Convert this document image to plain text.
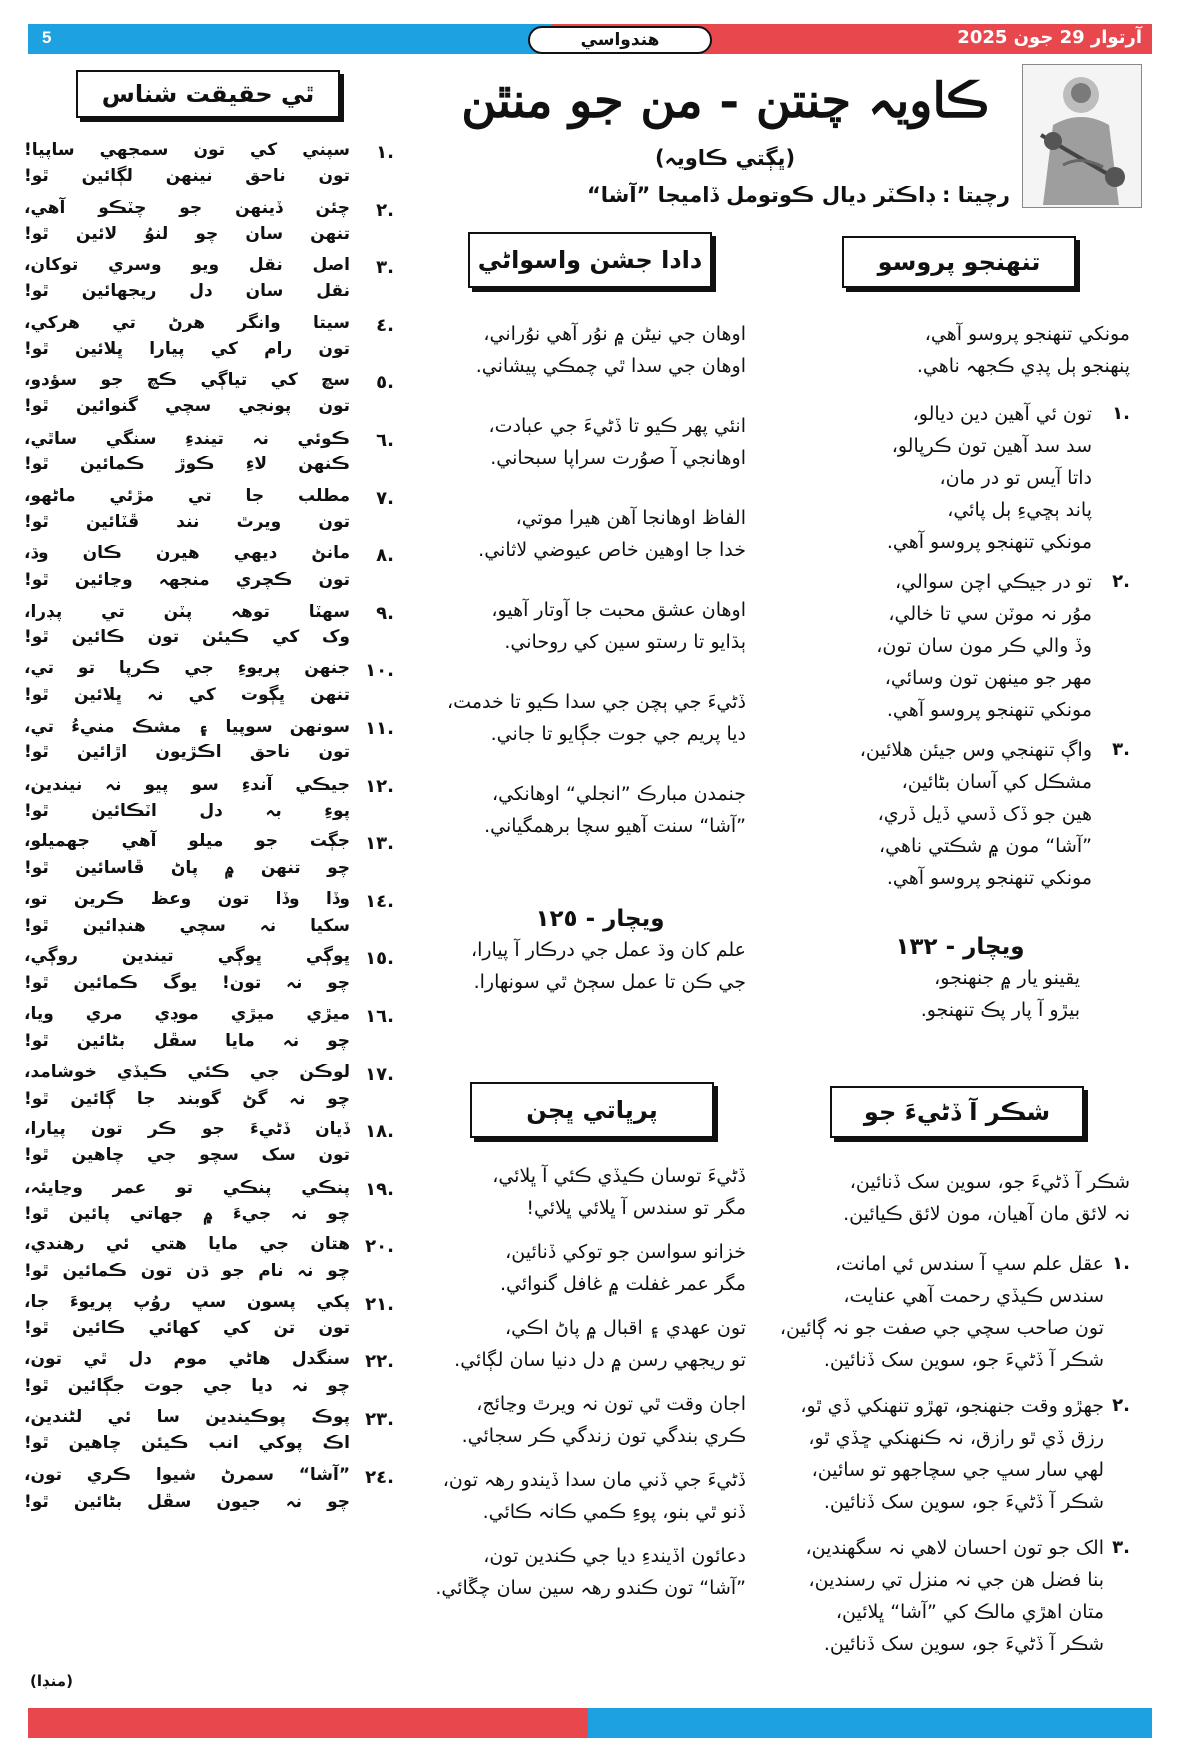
5	هندواسي	آرتوار 29 جون 2025
ڪاويہ چنتن - من جو منٿن
(ڀڳتي ڪاويہ)
رچيتا : ڊاڪٽر ديال ڪوتومل ڏاميجا ”آشا“
ٿي حقيقت شناس
١.
سپني کي تون سمجهي ساپيا!
تون ناحق نينهن لڳائين ٿو!
٢.
چئن ڏينهن جو چٽڪو آهي،
تنهن سان چو لنوُ لائين ٿو!
٣.
اصل نقل ويو وسري توکان،
نقل سان دل ريجهائين ٿو!
٤.
سيتا وانگر هرڻ تي هرکي،
تون رام کي پيارا ڀلائين ٿو!
٥.
سچ کي تياڳي ڪچ جو سؤدو،
تون پونجي سچي گنوائين ٿو!
٦.
ڪوئي نہ تيندءِ سنگي ساٿي،
ڪنهن لاءِ ڪوڙ ڪمائين ٿو!
٧.
مطلب جا تي مڙئي ماڻهو،
تون ويرٿ نند ڦٽائين ٿو!
٨.
مانڻ ديهي هيرن ڪان وڌ،
تون ڪچري منجهہ وڃائين ٿو!
٩.
سهٽا توهہ پٽن تي پڊرا،
وک کي ڪيئن تون ڪائين ٿو!
١٠.
جنهن پريوءِ جي ڪرپا تو تي،
تنهن ڀڳوت کي نہ ڀلائين ٿو!
١١.
سونهن سوپيا ۽ مشڪ منيءُ تي،
تون ناحق اڪڙيون اڙائين ٿو!
١٢.
جيڪي آندءِ سو پيو نہ نيندين،
پوءِ بہ دل اٽڪائين ٿو!
١٣.
جڳت جو ميلو آهي جهميلو،
چو تنهن ۾ پاڻ ڦاسائين ٿو!
١٤.
وڏا وڏا تون وعظ ڪرين تو،
سکيا نہ سچي هنڊائين ٿو!
١٥.
ڀوڳي ڀوڳي تيندين روڳي،
چو نہ تون! يوگ ڪمائين ٿو!
١٦.
ميڙي ميڙي موڊي مري ويا،
چو نہ مايا سڦل بڻائين ٿو!
١٧.
لوڪن جي ڪئي ڪيڏي خوشامد،
چو نہ گڻ گوبند جا ڳائين ٿو!
١٨.
ڏيان ڏڻيءَ جو ڪر تون پيارا،
تون سک سچو جي چاهين ٿو!
١٩.
پنڪي پنڪي تو عمر وڃايئہ،
چو نہ جيءَ ۾ جهاتي پائين ٿو!
٢٠.
هتان جي مايا هتي ئي رهندي،
چو نہ نام جو ڌن تون ڪمائين ٿو!
٢١.
پکي پسون سڀ روُپ پريوءَ جا،
تون تن کي کهائي ڪائين ٿو!
٢٢.
سنگدل هاڻي موم دل ٿي تون،
چو نہ ديا جي جوت جڳائين ٿو!
٢٣.
پوڪ پوڪيندين سا ئي لڻندين،
اڪ پوکي انب ڪيئن چاهين ٿو!
٢٤.
”آشا“ سمرڻ شيوا ڪري تون،
چو نہ جيون سڦل بڻائين ٿو!
(منڊا)
تنهنجو پروسو
مونکي تنهنجو پروسو آهي،
پنهنجو ٻل پڊي ڪجهہ ناهي.
١.
تون ئي آهين دين ديالو،
سد سد آهين تون ڪرپالو،
داتا آيس تو در مان،
پاند ٻڇيءِ ٻل پائي،
مونکي تنهنجو پروسو آهي.
٢.
تو در جيڪي اچن سوالي،
موُر نہ موٽن سي تا خالي،
وڏ والي ڪر مون سان تون،
مهر جو مينهن تون وسائي،
مونکي تنهنجو پروسو آهي.
٣.
واڳ تنهنجي وس جيئن هلائين،
مشڪل کي آسان بڻائين،
هين جو ڏک ڏسي ڏيل ڏري،
”آشا“ مون ۾ شڪتي ناهي،
مونکي تنهنجو پروسو آهي.
ويچار - ١٣٢
يقينو يار ۾ جنهنجو،
بيڙو آ پار پڪ تنهنجو.
دادا جشن واسواڻي
اوهان جي نيڻن ۾ نوُر آهي نوُراني،
اوهان جي سدا ٿي چمڪي پيشاني.
انئي پهر ڪيو تا ڏڻيءَ جي عبادت،
اوهانجي آ صوُرت سراپا سبحاني.
الفاظ اوهانجا آهن هيرا موتي،
خدا جا اوهين خاص عيوضي لاثاني.
اوهان عشق محبت جا آوتار آهيو،
ٻڌايو تا رستو سين کي روحاني.
ڏڻيءَ جي ٻچن جي سدا ڪيو تا خدمت،
ديا پريم جي جوت جڳايو تا جاني.
جنمدن مبارڪ ”انجلي“ اوهانکي،
”آشا“ سنت آهيو سچا برهمگياني.
ويچار - ١٢٥
علم کان وڌ عمل جي درڪار آ پيارا،
جي ڪن تا عمل سڄڻ ٿي سونهارا.
شڪر آ ڏڻيءَ جو
شڪر آ ڏڻيءَ جو، سوين سک ڏنائين،
نہ لائق مان آهيان، مون لائق ڪيائين.
١.
عقل علم سڀ آ سندس ئي امانت،
سندس ڪيڏي رحمت آهي عنايت،
تون صاحب سچي جي صفت جو نہ ڳائين،
شڪر آ ڏڻيءَ جو، سوين سک ڏنائين.
٢.
جهڙو وقت جنهنجو، تهڙو تنهنکي ڏي ٿو،
رزق ڏي ٿو رازق، نہ ڪنهنکي ڇڏي ٿو،
لهي سار سڀ جي سچاجهو تو سائين،
شڪر آ ڏڻيءَ جو، سوين سک ڏنائين.
٣.
الک جو تون احسان لاهي نہ سگهندين،
بنا فضل هن جي نہ منزل تي رسندين،
متان اهڙي مالڪ کي ”آشا“ ڀلائين،
شڪر آ ڏڻيءَ جو، سوين سک ڏنائين.
پرڀاتي ڀڄن
ڏڻيءَ توسان ڪيڏي ڪئي آ ڀلائي،
مگر تو سندس آ ڀلائي ڀلائي!
خزانو سواسن جو توکي ڏنائين،
مگر عمر غفلت ۾ غافل گنوائي.
تون عهدي ۽ اقبال ۾ پاڻ اڪي،
تو ريجهي رسن ۾ دل دنيا سان لڳائي.
اجان وقت ٿي تون نہ ويرٿ وڃائج،
ڪري بندگي تون زندگي ڪر سجائي.
ڏڻيءَ جي ڏني مان سدا ڏيندو رهہ تون،
ڏنو ٿي بنو، پوءِ ڪمي ڪانہ ڪائي.
دعائون اڏيندءِ ديا جي ڪندين تون،
”آشا“ تون ڪندو رهہ سين سان چڱائي.
